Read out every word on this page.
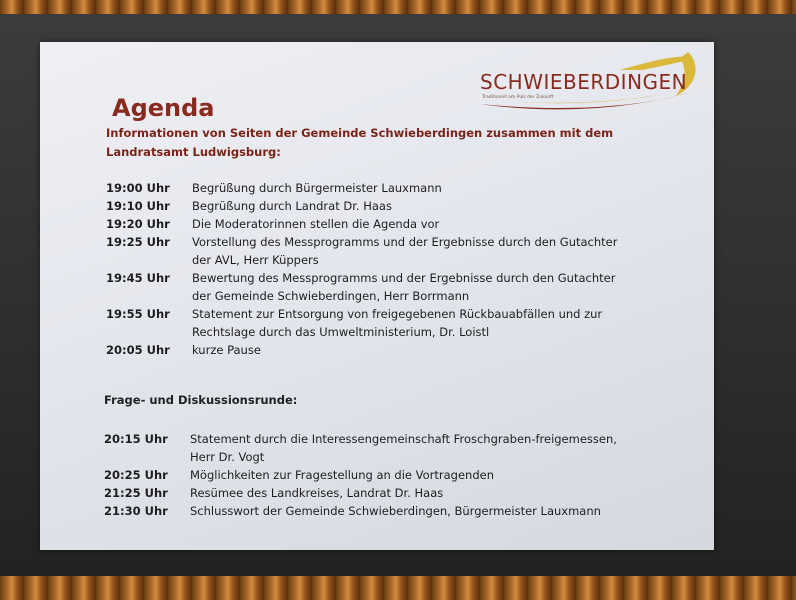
SCHWIEBERDINGEN
Traditionell am Puls der Zukunft
Agenda
Informationen von Seiten der Gemeinde Schwieberdingen zusammen mit dem
Landratsamt Ludwigsburg:
19:00 Uhr	Begrüßung durch Bürgermeister Lauxmann
19:10 Uhr	Begrüßung durch Landrat Dr. Haas
19:20 Uhr	Die Moderatorinnen stellen die Agenda vor
19:25 Uhr	Vorstellung des Messprogramms und der Ergebnisse durch den Gutachter
der AVL, Herr Küppers
19:45 Uhr	Bewertung des Messprogramms und der Ergebnisse durch den Gutachter
der Gemeinde Schwieberdingen, Herr Borrmann
19:55 Uhr	Statement zur Entsorgung von freigegebenen Rückbauabfällen und zur
Rechtslage durch das Umweltministerium, Dr. Loistl
20:05 Uhr	kurze Pause
Frage- und Diskussionsrunde:
20:15 Uhr	Statement durch die Interessengemeinschaft Froschgraben-freigemessen,
Herr Dr. Vogt
20:25 Uhr	Möglichkeiten zur Fragestellung an die Vortragenden
21:25 Uhr	Resümee des Landkreises, Landrat Dr. Haas
21:30 Uhr	Schlusswort der Gemeinde Schwieberdingen, Bürgermeister Lauxmann
